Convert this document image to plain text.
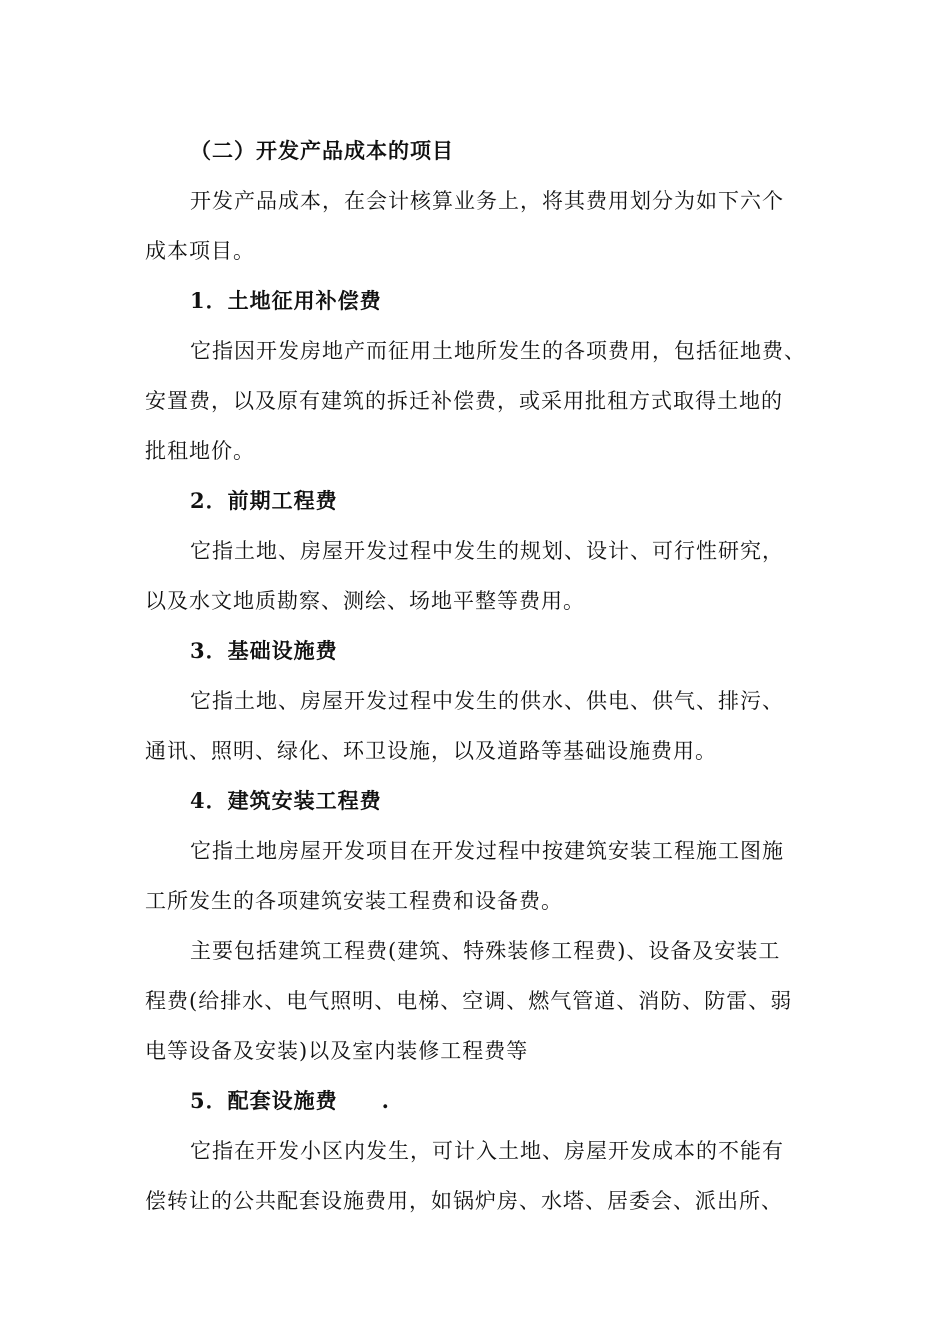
（二）开发产品成本的项目
开发产品成本，在会计核算业务上，将其费用划分为如下六个
成本项目。
1．土地征用补偿费
它指因开发房地产而征用土地所发生的各项费用，包括征地费、
安置费，以及原有建筑的拆迁补偿费，或采用批租方式取得土地的
批租地价。
2．前期工程费
它指土地、房屋开发过程中发生的规划、设计、可行性研究，
以及水文地质勘察、测绘、场地平整等费用。
3．基础设施费
它指土地、房屋开发过程中发生的供水、供电、供气、排污、
通讯、照明、绿化、环卫设施，以及道路等基础设施费用。
4．建筑安装工程费
它指土地房屋开发项目在开发过程中按建筑安装工程施工图施
工所发生的各项建筑安装工程费和设备费。
主要包括建筑工程费(建筑、特殊装修工程费)、设备及安装工
程费(给排水、电气照明、电梯、空调、燃气管道、消防、防雷、弱
电等设备及安装)以及室内装修工程费等
5．配套设施费　　.
它指在开发小区内发生，可计入土地、房屋开发成本的不能有
偿转让的公共配套设施费用，如锅炉房、水塔、居委会、派出所、
